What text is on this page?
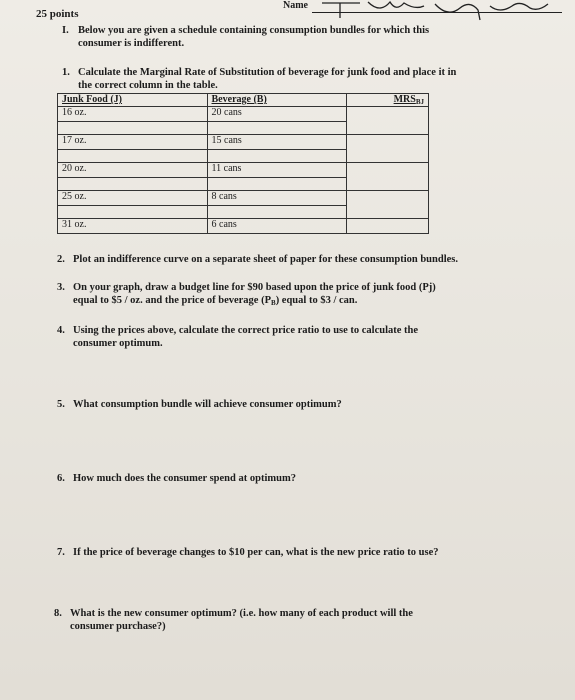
25 points
Name
I. Below you are given a schedule containing consumption bundles for which this
consumer is indifferent.
1. Calculate the Marginal Rate of Substitution of beverage for junk food and place it in
the correct column in the table.
Junk Food (J)	Beverage (B)	$MRS_{BJ}$
16 oz.	20 cans	

17 oz.	15 cans	

20 oz.	11 cans	

25 oz.	8 cans	

31 oz.	6 cans	
2. Plot an indifference curve on a separate sheet of paper for these consumption bundles.
3. On your graph, draw a budget line for $90 based upon the price of junk food (Pj)
equal to $5 / oz. and the price of beverage $(P_B)$ equal to $3 / can.
4. Using the prices above, calculate the correct price ratio to use to calculate the
consumer optimum.
5. What consumption bundle will achieve consumer optimum?
6. How much does the consumer spend at optimum?
7. If the price of beverage changes to $10 per can, what is the new price ratio to use?
8. What is the new consumer optimum? (i.e. how many of each product will the
consumer purchase?)
